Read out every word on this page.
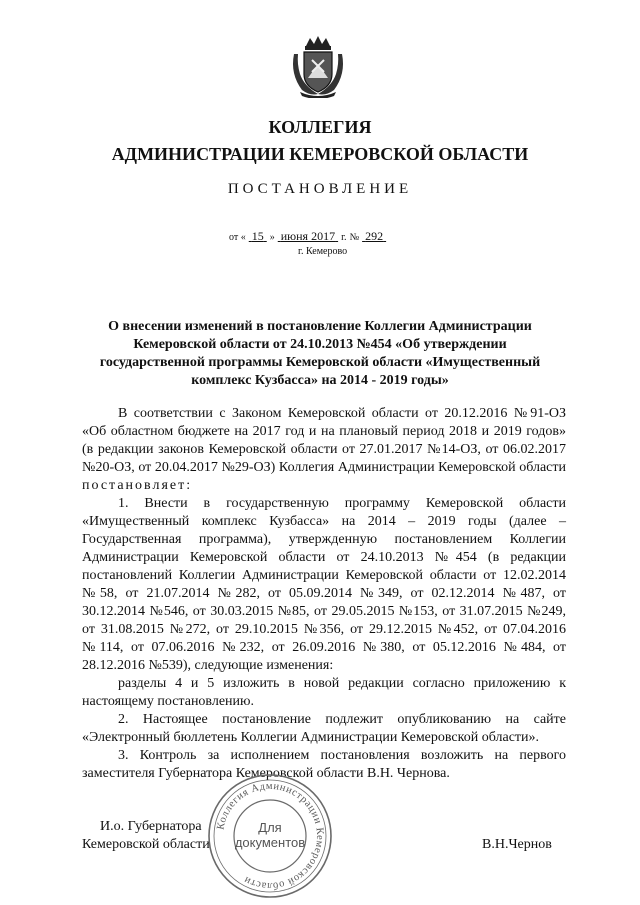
КОЛЛЕГИЯ
АДМИНИСТРАЦИИ КЕМЕРОВСКОЙ ОБЛАСТИ
ПОСТАНОВЛЕНИЕ
от « 15 » июня 2017 г. № 292
г. Кемерово
О внесении изменений в постановление Коллегии Администрации Кемеровской области от 24.10.2013 №454 «Об утверждении государственной программы Кемеровской области «Имущественный комплекс Кузбасса» на 2014 - 2019 годы»

В соответствии с Законом Кемеровской области от 20.12.2016 №91-ОЗ «Об областном бюджете на 2017 год и на плановый период 2018 и 2019 годов» (в редакции законов Кемеровской области от 27.01.2017 №14-ОЗ, от 06.02.2017 №20-ОЗ, от 20.04.2017 №29-ОЗ) Коллегия Администрации Кемеровской области постановляет:

1. Внести в государственную программу Кемеровской области «Имущественный комплекс Кузбасса» на 2014 – 2019 годы (далее – Государственная программа), утвержденную постановлением Коллегии Администрации Кемеровской области от 24.10.2013 №454 (в редакции постановлений Коллегии Администрации Кемеровской области от 12.02.2014 №58, от 21.07.2014 №282, от 05.09.2014 №349, от 02.12.2014 №487, от 30.12.2014 №546, от 30.03.2015 №85, от 29.05.2015 №153, от 31.07.2015 №249, от 31.08.2015 №272, от 29.10.2015 №356, от 29.12.2015 №452, от 07.04.2016 №114, от 07.06.2016 №232, от 26.09.2016 №380, от 05.12.2016 №484, от 28.12.2016 №539), следующие изменения:

разделы 4 и 5 изложить в новой редакции согласно приложению к настоящему постановлению.

2. Настоящее постановление подлежит опубликованию на сайте «Электронный бюллетень Коллегии Администрации Кемеровской области».

3. Контроль за исполнением постановления возложить на первого заместителя Губернатора Кемеровской области В.Н. Чернова.

И.о. Губернатора
Кемеровской области	В.Н.Чернов
Коллегия Администрации Кемеровской области
Для
документов
